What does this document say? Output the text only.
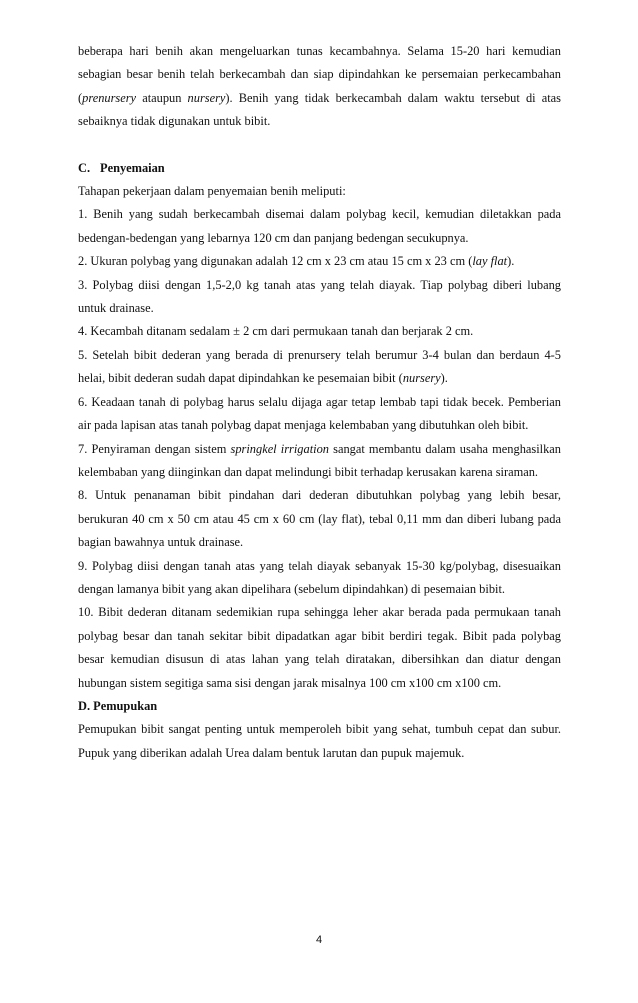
beberapa hari benih akan mengeluarkan tunas kecambahnya. Selama 15-20 hari kemudian sebagian besar benih telah berkecambah dan siap dipindahkan ke persemaian perkecambahan (prenursery ataupun nursery). Benih yang tidak berkecambah dalam waktu tersebut di atas sebaiknya tidak digunakan untuk bibit.

C. Penyemaian

Tahapan pekerjaan dalam penyemaian benih meliputi:

1. Benih yang sudah berkecambah disemai dalam polybag kecil, kemudian diletakkan pada bedengan-bedengan yang lebarnya 120 cm dan panjang bedengan secukupnya.

2. Ukuran polybag yang digunakan adalah 12 cm x 23 cm atau 15 cm x 23 cm (lay flat).

3. Polybag diisi dengan 1,5-2,0 kg tanah atas yang telah diayak. Tiap polybag diberi lubang untuk drainase.

4. Kecambah ditanam sedalam ± 2 cm dari permukaan tanah dan berjarak 2 cm.

5. Setelah bibit dederan yang berada di prenursery telah berumur 3-4 bulan dan berdaun 4-5 helai, bibit dederan sudah dapat dipindahkan ke pesemaian bibit (nursery).

6. Keadaan tanah di polybag harus selalu dijaga agar tetap lembab tapi tidak becek. Pemberian air pada lapisan atas tanah polybag dapat menjaga kelembaban yang dibutuhkan oleh bibit.

7. Penyiraman dengan sistem springkel irrigation sangat membantu dalam usaha menghasilkan kelembaban yang diinginkan dan dapat melindungi bibit terhadap kerusakan karena siraman.

8. Untuk penanaman bibit pindahan dari dederan dibutuhkan polybag yang lebih besar, berukuran 40 cm x 50 cm atau 45 cm x 60 cm (lay flat), tebal 0,11 mm dan diberi lubang pada bagian bawahnya untuk drainase.

9. Polybag diisi dengan tanah atas yang telah diayak sebanyak 15-30 kg/polybag, disesuaikan dengan lamanya bibit yang akan dipelihara (sebelum dipindahkan) di pesemaian bibit.

10. Bibit dederan ditanam sedemikian rupa sehingga leher akar berada pada permukaan tanah polybag besar dan tanah sekitar bibit dipadatkan agar bibit berdiri tegak. Bibit pada polybag besar kemudian disusun di atas lahan yang telah diratakan, dibersihkan dan diatur dengan hubungan sistem segitiga sama sisi dengan jarak misalnya 100 cm x100 cm x100 cm.

D. Pemupukan

Pemupukan bibit sangat penting untuk memperoleh bibit yang sehat, tumbuh cepat dan subur. Pupuk yang diberikan adalah Urea dalam bentuk larutan dan pupuk majemuk.

4
